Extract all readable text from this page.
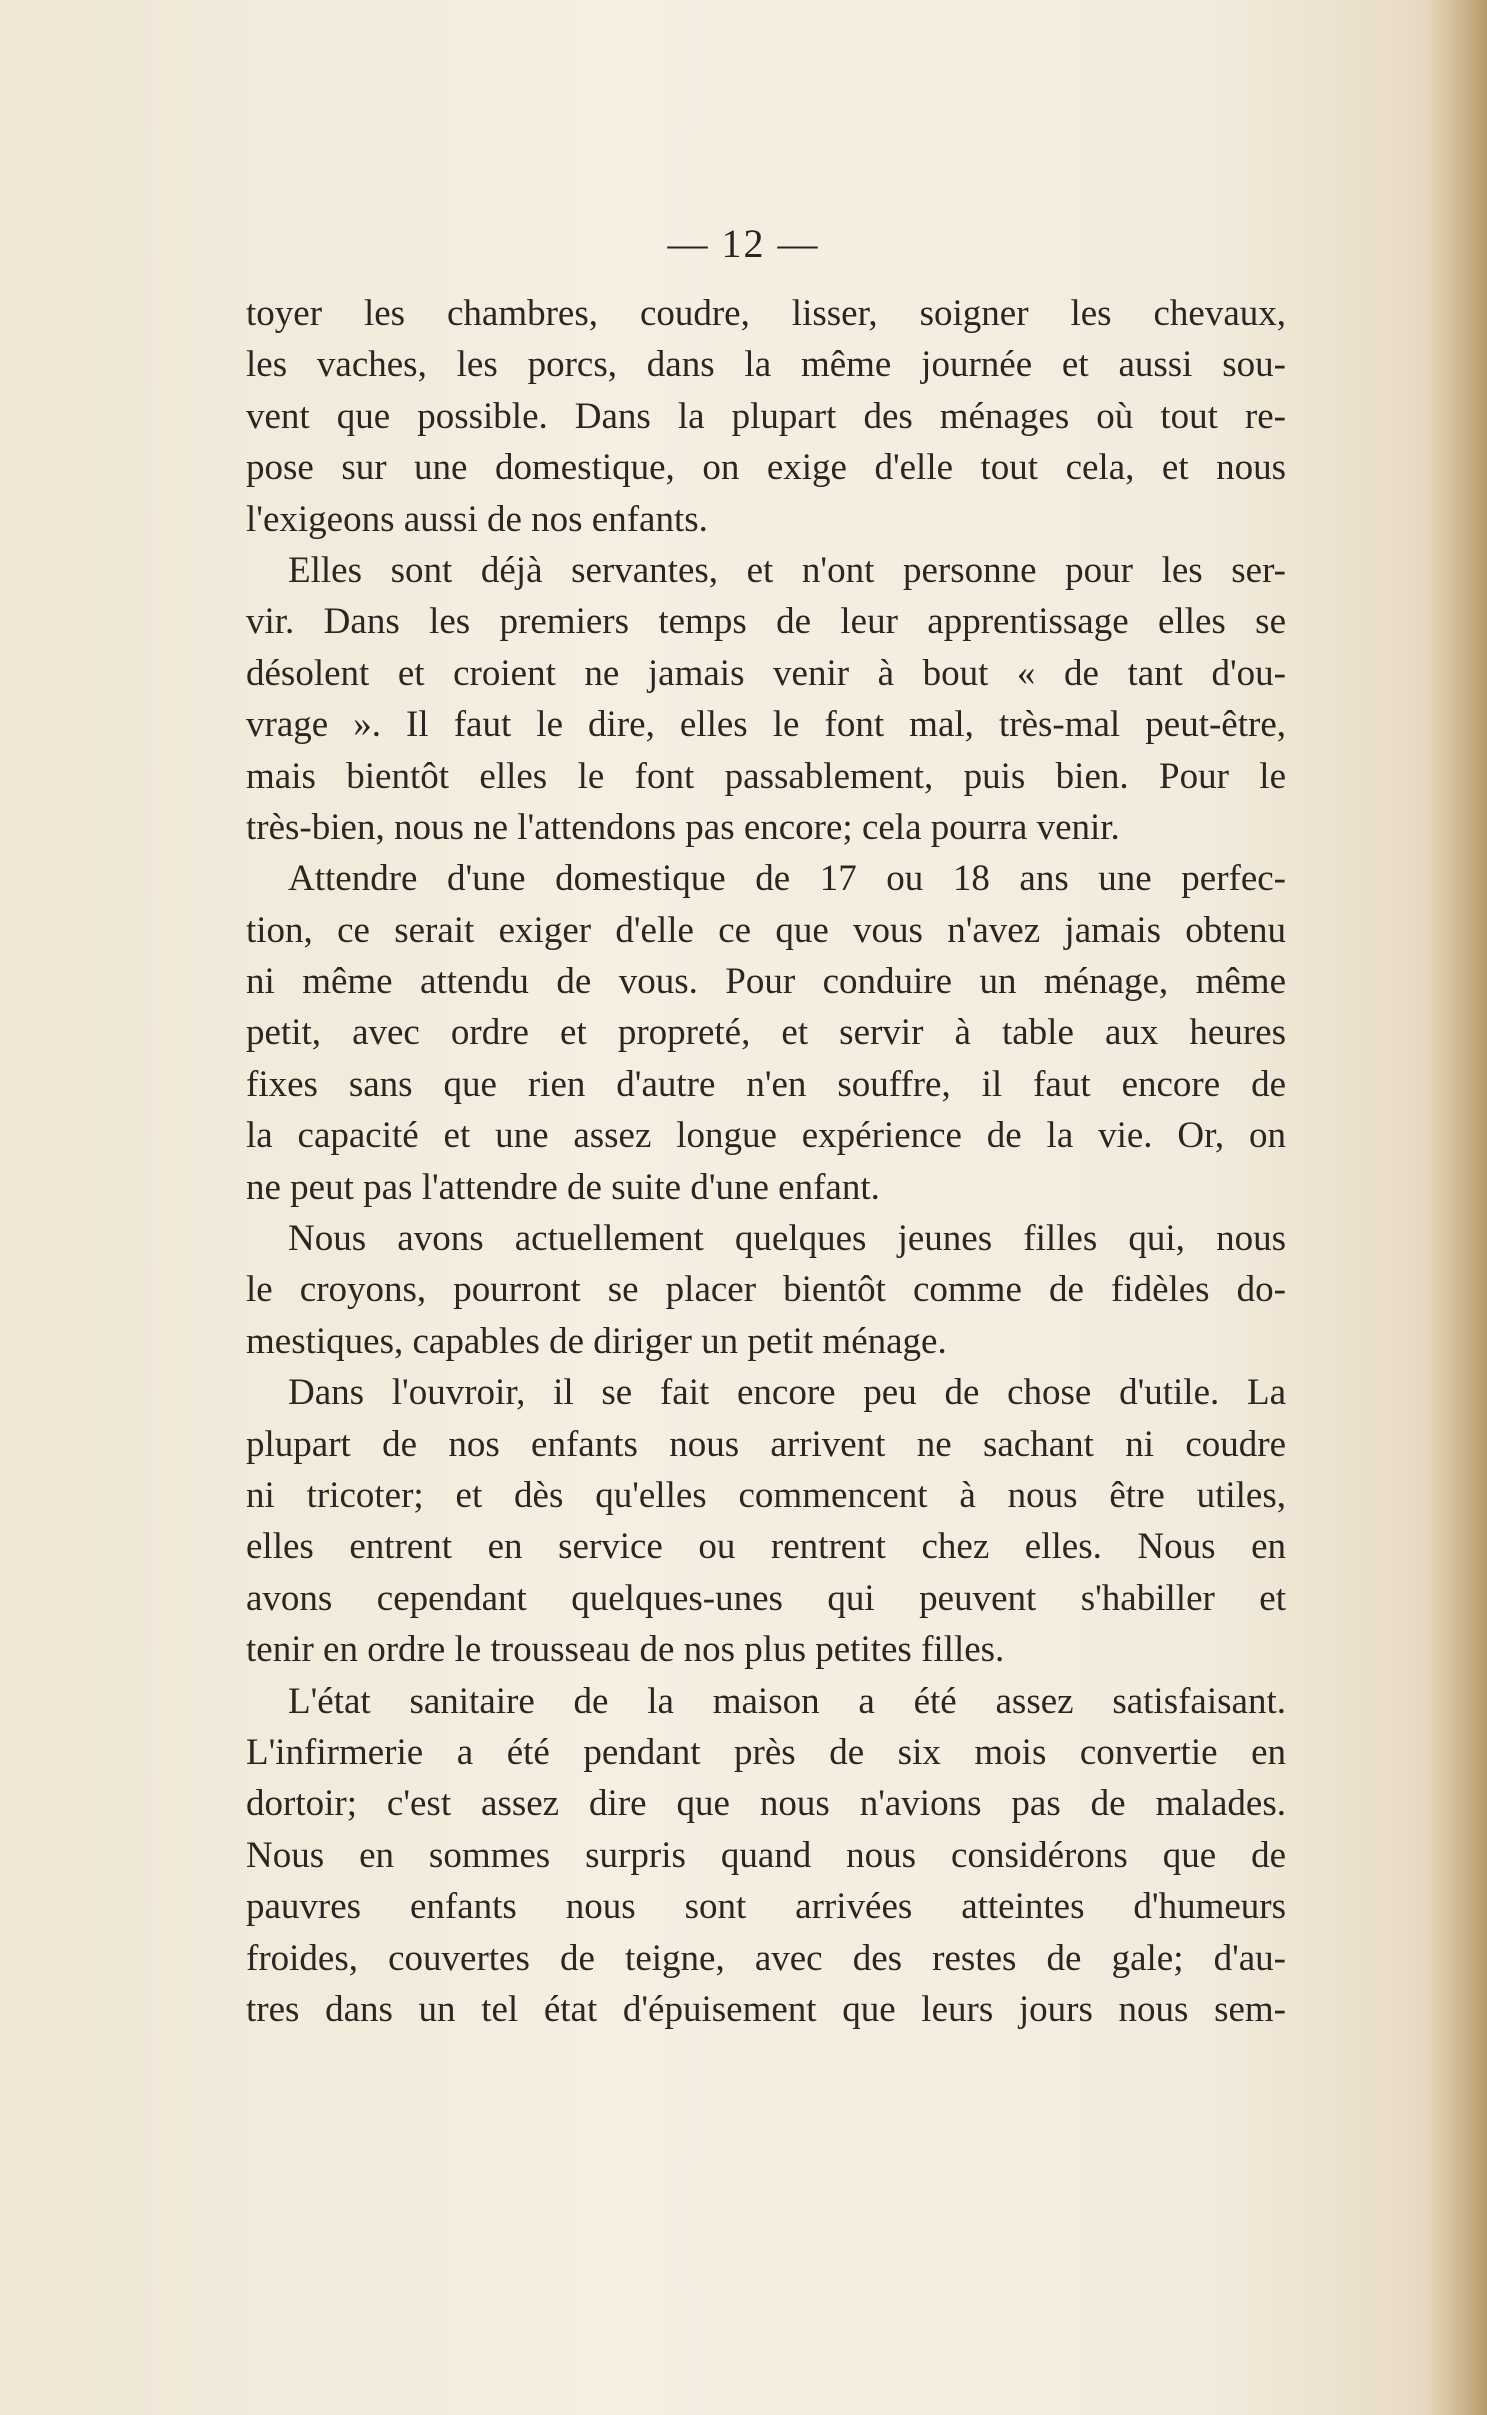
— 12 —
toyer les chambres, coudre, lisser, soigner les chevaux,
les vaches, les porcs, dans la même journée et aussi sou-
vent que possible. Dans la plupart des ménages où tout re-
pose sur une domestique, on exige d'elle tout cela, et nous
l'exigeons aussi de nos enfants.
Elles sont déjà servantes, et n'ont personne pour les ser-
vir. Dans les premiers temps de leur apprentissage elles se
désolent et croient ne jamais venir à bout « de tant d'ou-
vrage ». Il faut le dire, elles le font mal, très-mal peut-être,
mais bientôt elles le font passablement, puis bien. Pour le
très-bien, nous ne l'attendons pas encore; cela pourra venir.
Attendre d'une domestique de 17 ou 18 ans une perfec-
tion, ce serait exiger d'elle ce que vous n'avez jamais obtenu
ni même attendu de vous. Pour conduire un ménage, même
petit, avec ordre et propreté, et servir à table aux heures
fixes sans que rien d'autre n'en souffre, il faut encore de
la capacité et une assez longue expérience de la vie. Or, on
ne peut pas l'attendre de suite d'une enfant.
Nous avons actuellement quelques jeunes filles qui, nous
le croyons, pourront se placer bientôt comme de fidèles do-
mestiques, capables de diriger un petit ménage.
Dans l'ouvroir, il se fait encore peu de chose d'utile. La
plupart de nos enfants nous arrivent ne sachant ni coudre
ni tricoter; et dès qu'elles commencent à nous être utiles,
elles entrent en service ou rentrent chez elles. Nous en
avons cependant quelques-unes qui peuvent s'habiller et
tenir en ordre le trousseau de nos plus petites filles.
L'état sanitaire de la maison a été assez satisfaisant.
L'infirmerie a été pendant près de six mois convertie en
dortoir; c'est assez dire que nous n'avions pas de malades.
Nous en sommes surpris quand nous considérons que de
pauvres enfants nous sont arrivées atteintes d'humeurs
froides, couvertes de teigne, avec des restes de gale; d'au-
tres dans un tel état d'épuisement que leurs jours nous sem-
